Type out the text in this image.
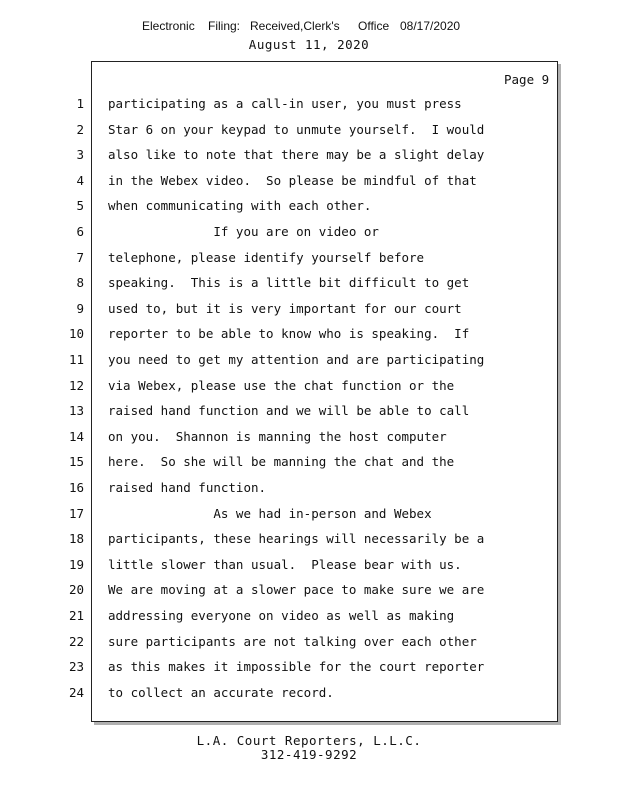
Electronic Filing: Received,Clerk's Office 08/17/2020
August 11, 2020
Page 9
1 participating as a call-in user, you must press
2 Star 6 on your keypad to unmute yourself.  I would
3 also like to note that there may be a slight delay
4 in the Webex video.  So please be mindful of that
5 when communicating with each other.
6 If you are on video or
7 telephone, please identify yourself before
8 speaking.  This is a little bit difficult to get
9 used to, but it is very important for our court
10 reporter to be able to know who is speaking.  If
11 you need to get my attention and are participating
12 via Webex, please use the chat function or the
13 raised hand function and we will be able to call
14 on you.  Shannon is manning the host computer
15 here.  So she will be manning the chat and the
16 raised hand function.
17 As we had in-person and Webex
18 participants, these hearings will necessarily be a
19 little slower than usual.  Please bear with us.
20 We are moving at a slower pace to make sure we are
21 addressing everyone on video as well as making
22 sure participants are not talking over each other
23 as this makes it impossible for the court reporter
24 to collect an accurate record.
L.A. Court Reporters, L.L.C.
312-419-9292
